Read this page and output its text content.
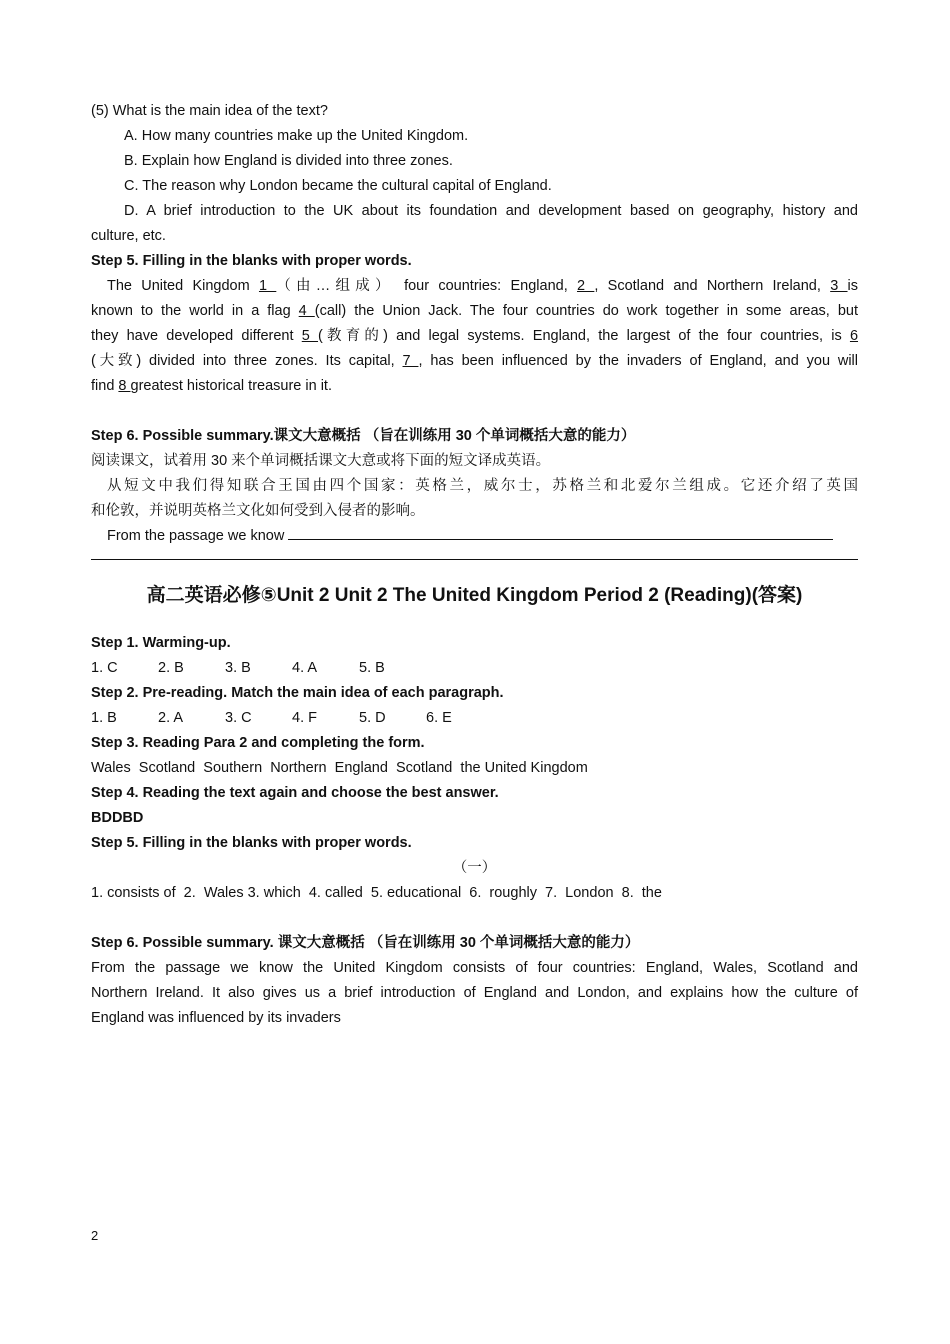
(5) What is the main idea of the text?
A. How many countries make up the United Kingdom.
B. Explain how England is divided into three zones.
C. The reason why London became the cultural capital of England.
D. A brief introduction to the UK about its foundation and development based on geography, history and
culture, etc.
Step 5. Filling in the blanks with proper words.
The United Kingdom 1 （由…组成） four countries: England, 2 , Scotland and Northern Ireland, 3 is
known to the world in a flag 4 (call) the Union Jack. The four countries do work together in some areas, but
they have developed different 5 (教育的) and legal systems. England, the largest of the four countries, is 6
(大致) divided into three zones. Its capital, 7 , has been influenced by the invaders of England, and you will
find 8 greatest historical treasure in it.
Step 6. Possible summary.课文大意概括 （旨在训练用 30 个单词概括大意的能力）
阅读课文，试着用 30 来个单词概括课文大意或将下面的短文译成英语。
从短文中我们得知联合王国由四个国家：英格兰，威尔士，苏格兰和北爱尔兰组成。它还介绍了英国
和伦敦，并说明英格兰文化如何受到入侵者的影响。
From the passage we know
高二英语必修⑤Unit 2 Unit 2 The United Kingdom Period 2 (Reading)(答案)
Step 1. Warming-up.
1. C	2. B	3. B	4. A	5. B
Step 2. Pre-reading. Match the main idea of each paragraph.
1. B	2. A	3. C	4. F	5. D	6. E
Step 3. Reading Para 2 and completing the form.
Wales  Scotland  Southern  Northern  England  Scotland  the United Kingdom
Step 4. Reading the text again and choose the best answer.
BDDBD
Step 5. Filling in the blanks with proper words.
（一）
1. consists of  2.  Wales 3. which  4. called  5. educational  6.  roughly  7.  London  8.  the
Step 6. Possible summary. 课文大意概括 （旨在训练用 30 个单词概括大意的能力）
From the passage we know the United Kingdom consists of four countries: England, Wales, Scotland and
Northern Ireland. It also gives us a brief introduction of England and London, and explains how the culture of
England was influenced by its invaders
2
